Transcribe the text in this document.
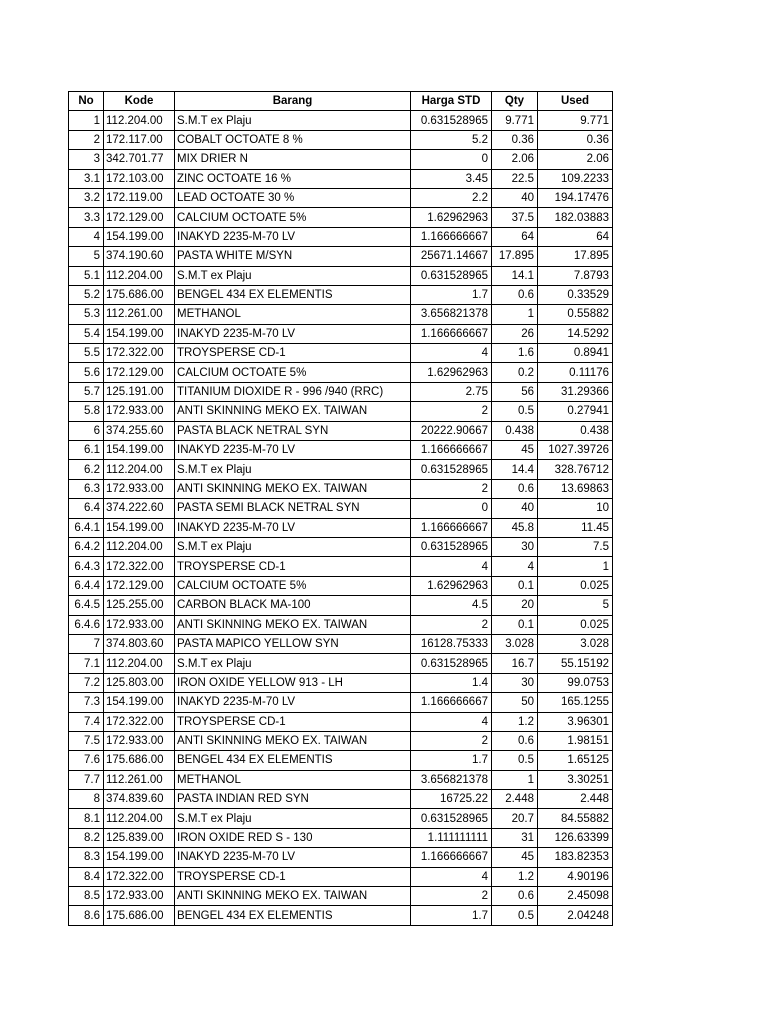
No	Kode	Barang	Harga STD	Qty	Used
1	112.204.00	S.M.T ex Plaju	0.631528965	9.771	9.771
2	172.117.00	COBALT OCTOATE 8 %	5.2	0.36	0.36
3	342.701.77	MIX DRIER N	0	2.06	2.06
3.1	172.103.00	ZINC OCTOATE 16 %	3.45	22.5	109.2233
3.2	172.119.00	LEAD OCTOATE 30 %	2.2	40	194.17476
3.3	172.129.00	CALCIUM OCTOATE 5%	1.62962963	37.5	182.03883
4	154.199.00	INAKYD 2235-M-70 LV	1.166666667	64	64
5	374.190.60	PASTA WHITE M/SYN	25671.14667	17.895	17.895
5.1	112.204.00	S.M.T ex Plaju	0.631528965	14.1	7.8793
5.2	175.686.00	BENGEL 434 EX ELEMENTIS	1.7	0.6	0.33529
5.3	112.261.00	METHANOL	3.656821378	1	0.55882
5.4	154.199.00	INAKYD 2235-M-70 LV	1.166666667	26	14.5292
5.5	172.322.00	TROYSPERSE CD-1	4	1.6	0.8941
5.6	172.129.00	CALCIUM OCTOATE 5%	1.62962963	0.2	0.11176
5.7	125.191.00	TITANIUM DIOXIDE R - 996 /940 (RRC)	2.75	56	31.29366
5.8	172.933.00	ANTI SKINNING MEKO EX. TAIWAN	2	0.5	0.27941
6	374.255.60	PASTA BLACK NETRAL SYN	20222.90667	0.438	0.438
6.1	154.199.00	INAKYD 2235-M-70 LV	1.166666667	45	1027.39726
6.2	112.204.00	S.M.T ex Plaju	0.631528965	14.4	328.76712
6.3	172.933.00	ANTI SKINNING MEKO EX. TAIWAN	2	0.6	13.69863
6.4	374.222.60	PASTA SEMI BLACK NETRAL SYN	0	40	10
6.4.1	154.199.00	INAKYD 2235-M-70 LV	1.166666667	45.8	11.45
6.4.2	112.204.00	S.M.T ex Plaju	0.631528965	30	7.5
6.4.3	172.322.00	TROYSPERSE CD-1	4	4	1
6.4.4	172.129.00	CALCIUM OCTOATE 5%	1.62962963	0.1	0.025
6.4.5	125.255.00	CARBON BLACK MA-100	4.5	20	5
6.4.6	172.933.00	ANTI SKINNING MEKO EX. TAIWAN	2	0.1	0.025
7	374.803.60	PASTA MAPICO YELLOW SYN	16128.75333	3.028	3.028
7.1	112.204.00	S.M.T ex Plaju	0.631528965	16.7	55.15192
7.2	125.803.00	IRON OXIDE YELLOW 913 - LH	1.4	30	99.0753
7.3	154.199.00	INAKYD 2235-M-70 LV	1.166666667	50	165.1255
7.4	172.322.00	TROYSPERSE CD-1	4	1.2	3.96301
7.5	172.933.00	ANTI SKINNING MEKO EX. TAIWAN	2	0.6	1.98151
7.6	175.686.00	BENGEL 434 EX ELEMENTIS	1.7	0.5	1.65125
7.7	112.261.00	METHANOL	3.656821378	1	3.30251
8	374.839.60	PASTA INDIAN RED SYN	16725.22	2.448	2.448
8.1	112.204.00	S.M.T ex Plaju	0.631528965	20.7	84.55882
8.2	125.839.00	IRON OXIDE RED S - 130	1.111111111	31	126.63399
8.3	154.199.00	INAKYD 2235-M-70 LV	1.166666667	45	183.82353
8.4	172.322.00	TROYSPERSE CD-1	4	1.2	4.90196
8.5	172.933.00	ANTI SKINNING MEKO EX. TAIWAN	2	0.6	2.45098
8.6	175.686.00	BENGEL 434 EX ELEMENTIS	1.7	0.5	2.04248
